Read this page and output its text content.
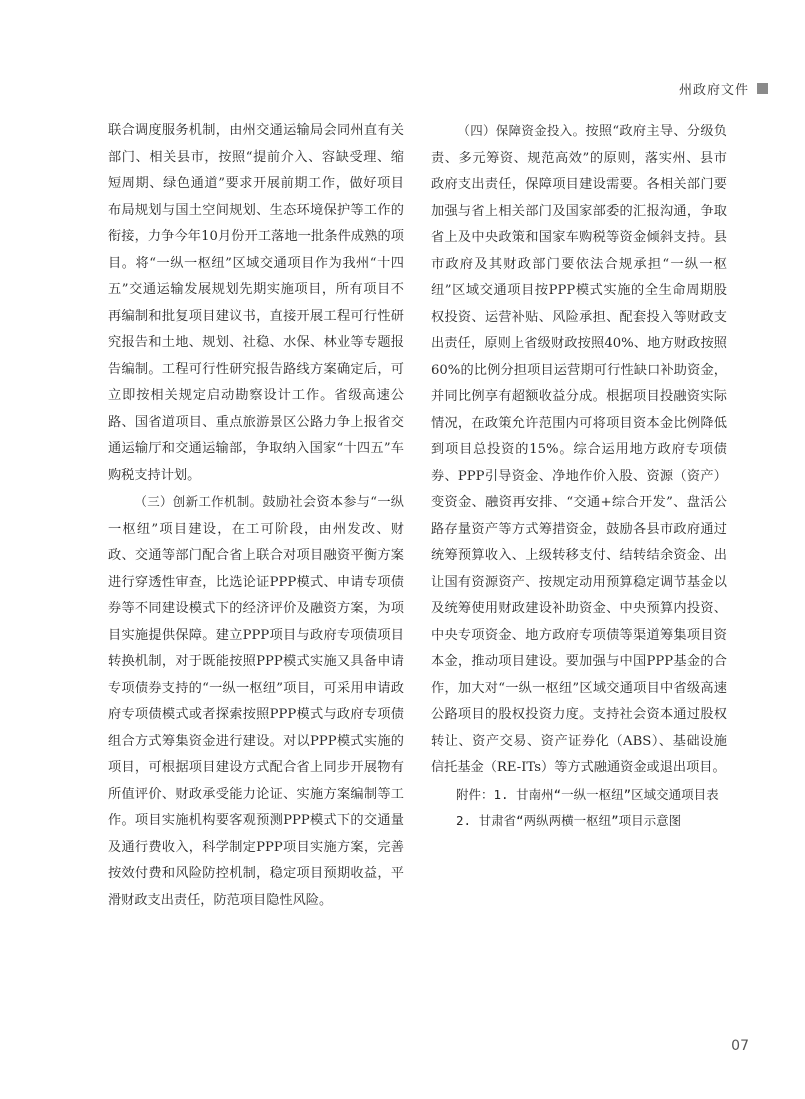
州政府文件

联合调度服务机制，由州交通运输局会同州直有关部门、相关县市，按照“提前介入、容缺受理、缩短周期、绿色通道”要求开展前期工作，做好项目布局规划与国土空间规划、生态环境保护等工作的衔接，力争今年10月份开工落地一批条件成熟的项目。将“一纵一枢纽”区域交通项目作为我州“十四五”交通运输发展规划先期实施项目，所有项目不再编制和批复项目建议书，直接开展工程可行性研究报告和土地、规划、社稳、水保、林业等专题报告编制。工程可行性研究报告路线方案确定后，可立即按相关规定启动勘察设计工作。省级高速公路、国省道项目、重点旅游景区公路力争上报省交通运输厅和交通运输部，争取纳入国家“十四五”车购税支持计划。

（三）创新工作机制。鼓励社会资本参与“一纵一枢纽”项目建设，在工可阶段，由州发改、财政、交通等部门配合省上联合对项目融资平衡方案进行穿透性审查，比选论证PPP模式、申请专项债券等不同建设模式下的经济评价及融资方案，为项目实施提供保障。建立PPP项目与政府专项债项目转换机制，对于既能按照PPP模式实施又具备申请专项债券支持的“一纵一枢纽”项目，可采用申请政府专项债模式或者探索按照PPP模式与政府专项债组合方式筹集资金进行建设。对以PPP模式实施的项目，可根据项目建设方式配合省上同步开展物有所值评价、财政承受能力论证、实施方案编制等工作。项目实施机构要客观预测PPP模式下的交通量及通行费收入，科学制定PPP项目实施方案，完善按效付费和风险防控机制，稳定项目预期收益，平滑财政支出责任，防范项目隐性风险。

（四）保障资金投入。按照“政府主导、分级负责、多元筹资、规范高效”的原则，落实州、县市政府支出责任，保障项目建设需要。各相关部门要加强与省上相关部门及国家部委的汇报沟通，争取省上及中央政策和国家车购税等资金倾斜支持。县市政府及其财政部门要依法合规承担“一纵一枢纽”区域交通项目按PPP模式实施的全生命周期股权投资、运营补贴、风险承担、配套投入等财政支出责任，原则上省级财政按照40%、地方财政按照60%的比例分担项目运营期可行性缺口补助资金，并同比例享有超额收益分成。根据项目投融资实际情况，在政策允许范围内可将项目资本金比例降低到项目总投资的15%。综合运用地方政府专项债券、PPP引导资金、净地作价入股、资源（资产）变资金、融资再安排、“交通+综合开发”、盘活公路存量资产等方式筹措资金，鼓励各县市政府通过统筹预算收入、上级转移支付、结转结余资金、出让国有资源资产、按规定动用预算稳定调节基金以及统筹使用财政建设补助资金、中央预算内投资、中央专项资金、地方政府专项债等渠道筹集项目资本金，推动项目建设。要加强与中国PPP基金的合作，加大对“一纵一枢纽”区域交通项目中省级高速公路项目的股权投资力度。支持社会资本通过股权转让、资产交易、资产证券化（ABS）、基础设施信托基金（RE-ITs）等方式融通资金或退出项目。

附件：1. 甘南州“一纵一枢纽”区域交通项目表

2. 甘肃省“两纵两横一枢纽”项目示意图

07
